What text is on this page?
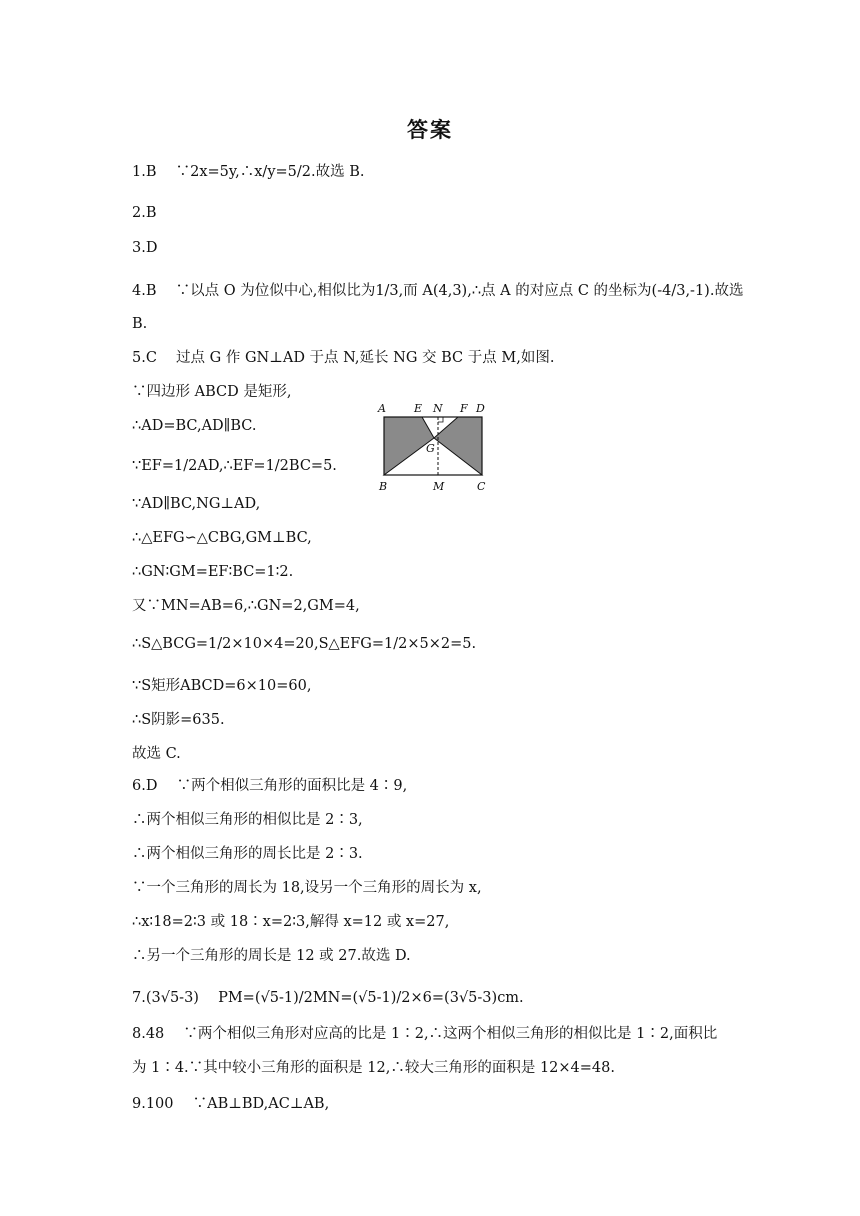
答案
1.B　 ∵2x=5y,∴x/y=5/2.故选 B.
2.B
3.D
4.B　 ∵以点 O 为位似中心,相似比为1/3,而 A(4,3),∴点 A 的对应点 C 的坐标为(-4/3,-1).故选
B.
5.C　 过点 G 作 GN⊥AD 于点 N,延长 NG 交 BC 于点 M,如图.
∵四边形 ABCD 是矩形,
∴AD=BC,AD∥BC.
∵EF=1/2AD,∴EF=1/2BC=5.
∵AD∥BC,NG⊥AD,
∴△EFG∽△CBG,GM⊥BC,
∴GN∶GM=EF∶BC=1∶2.
又∵MN=AB=6,∴GN=2,GM=4,
∴S△BCG=1/2×10×4=20,S△EFG=1/2×5×2=5.
∵S矩形ABCD=6×10=60,
∴S阴影=635.
故选 C.
6.D　 ∵两个相似三角形的面积比是 4∶9,
∴两个相似三角形的相似比是 2∶3,
∴两个相似三角形的周长比是 2∶3.
∵一个三角形的周长为 18,设另一个三角形的周长为 x,
∴x∶18=2∶3 或 18∶x=2∶3,解得 x=12 或 x=27,
∴另一个三角形的周长是 12 或 27.故选 D.
7.(3√5-3)　 PM=(√5-1)/2MN=(√5-1)/2×6=(3√5-3)cm.
8.48　 ∵两个相似三角形对应高的比是 1∶2,∴这两个相似三角形的相似比是 1∶2,面积比
为 1∶4.∵其中较小三角形的面积是 12,∴较大三角形的面积是 12×4=48.
9.100　 ∵AB⊥BD,AC⊥AB,
A	E N F D
G
B	M	C
